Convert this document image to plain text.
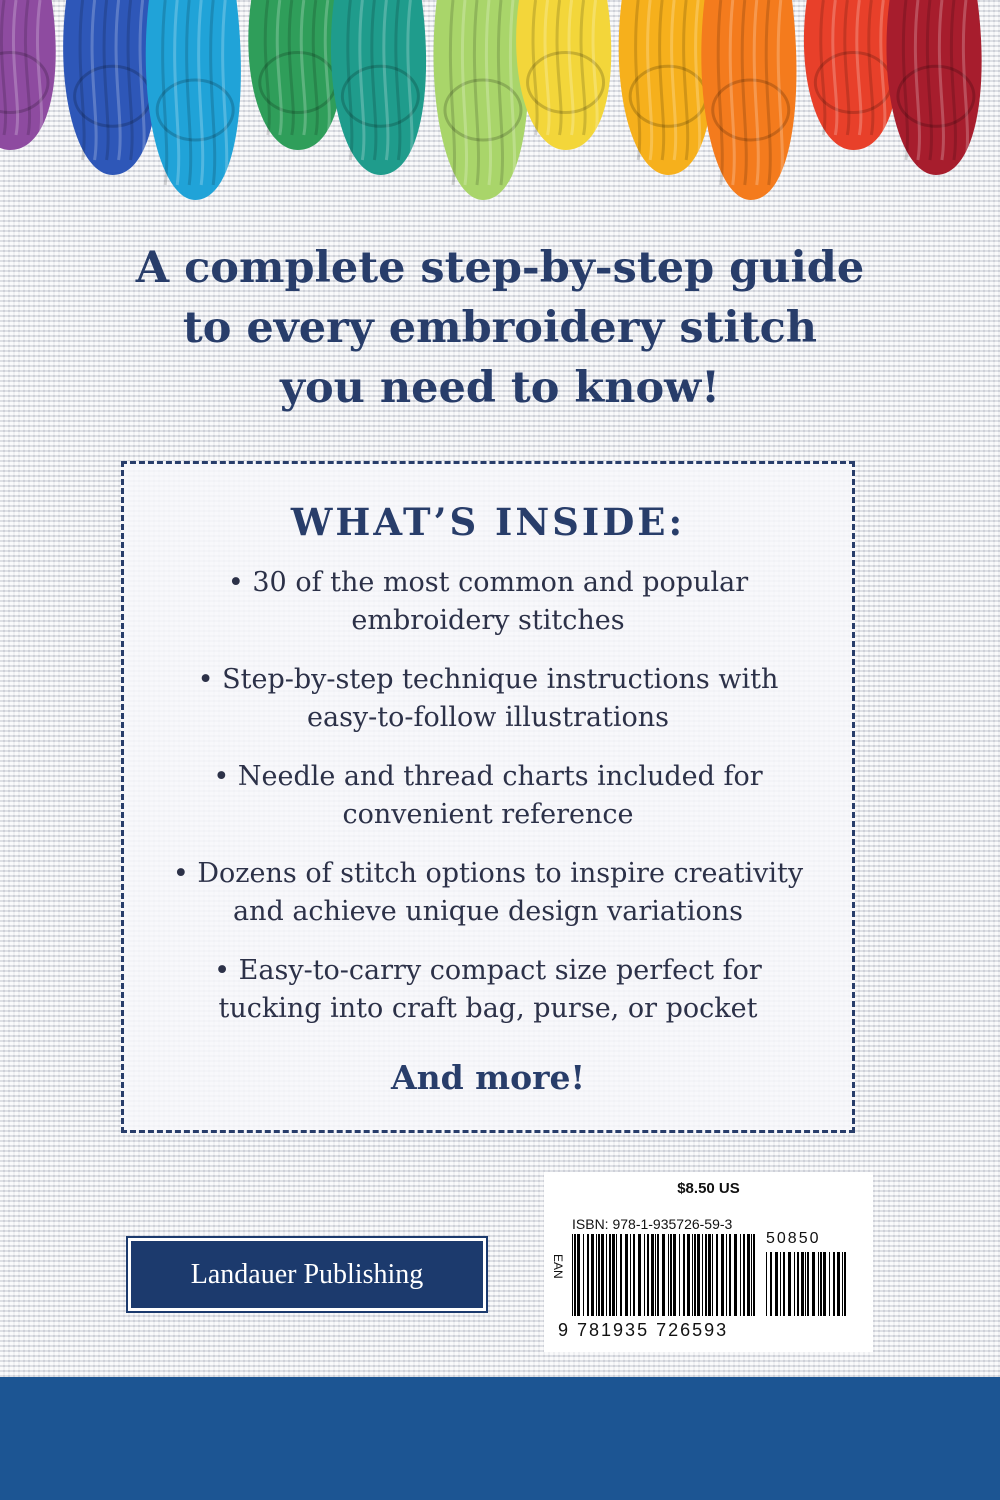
A complete step-by-step guide
to every embroidery stitch
you need to know!
WHAT’S INSIDE:
• 30 of the most common and popular
embroidery stitches
• Step-by-step technique instructions with
easy-to-follow illustrations
• Needle and thread charts included for
convenient reference
• Dozens of stitch options to inspire creativity
and achieve unique design variations
• Easy-to-carry compact size perfect for
tucking into craft bag, purse, or pocket
And more!
Landauer Publishing
$8.50 US
ISBN: 978-1-935726-59-3
EAN
50850
9 781935 726593
